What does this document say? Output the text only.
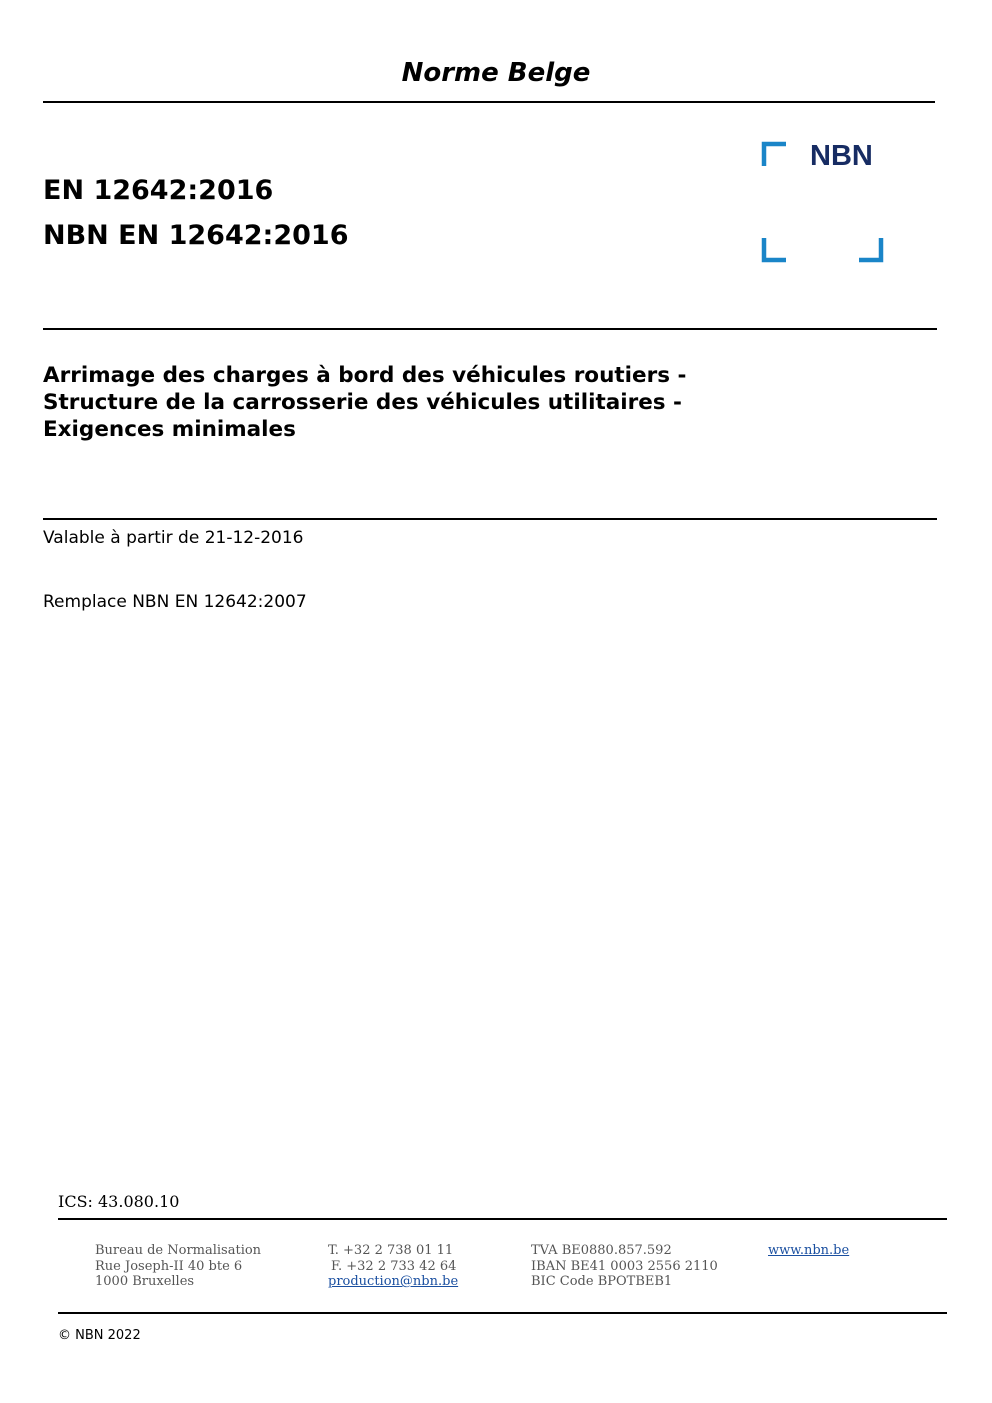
Norme Belge
EN 12642:2016
NBN EN 12642:2016
NBN
Arrimage des charges à bord des véhicules routiers -
Structure de la carrosserie des véhicules utilitaires -
Exigences minimales
Valable à partir de 21-12-2016
Remplace NBN EN 12642:2007
ICS: 43.080.10
Bureau de Normalisation
Rue Joseph-II 40 bte 6
1000 Bruxelles
T. +32 2 738 01 11
F. +32 2 733 42 64
production@nbn.be
TVA BE0880.857.592
IBAN BE41 0003 2556 2110
BIC Code BPOTBEB1
www.nbn.be
© NBN 2022
